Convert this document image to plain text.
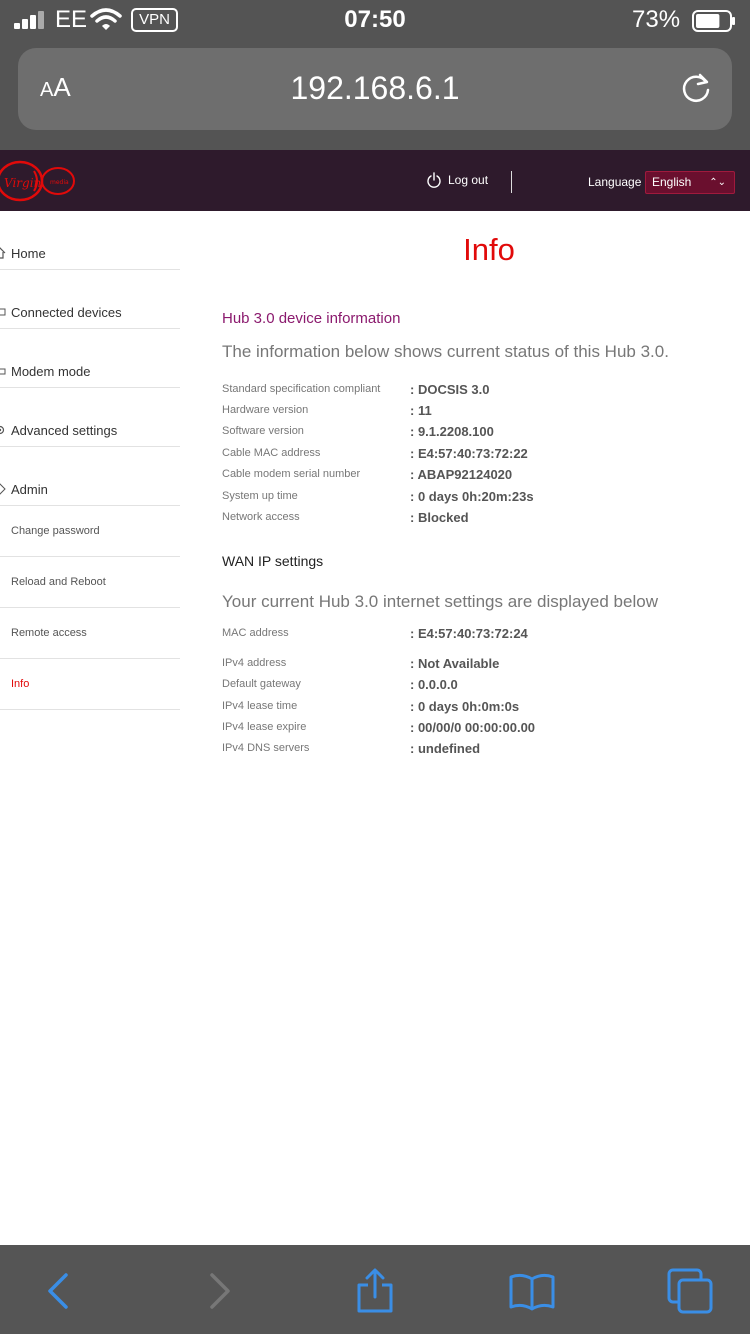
EE	VPN	07:50	73%
AA	192.168.6.1
Virgin media	Log out	Language English ⌃⌄
Home
Connected devices
Modem mode
Advanced settings
Admin
Change password
Reload and Reboot
Remote access
Info
Info
Hub 3.0 device information
The information below shows current status of this Hub 3.0.
Standard specification compliant : DOCSIS 3.0
Hardware version	: 11
Software version	: 9.1.2208.100
Cable MAC address	: E4:57:40:73:72:22
Cable modem serial number	: ABAP92124020
System up time	: 0 days 0h:20m:23s
Network access	: Blocked
WAN IP settings
Your current Hub 3.0 internet settings are displayed below
MAC address	: E4:57:40:73:72:24
IPv4 address	: Not Available
Default gateway	: 0.0.0.0
IPv4 lease time	: 0 days 0h:0m:0s
IPv4 lease expire	: 00/00/0 00:00:00.00
IPv4 DNS servers	: undefined
